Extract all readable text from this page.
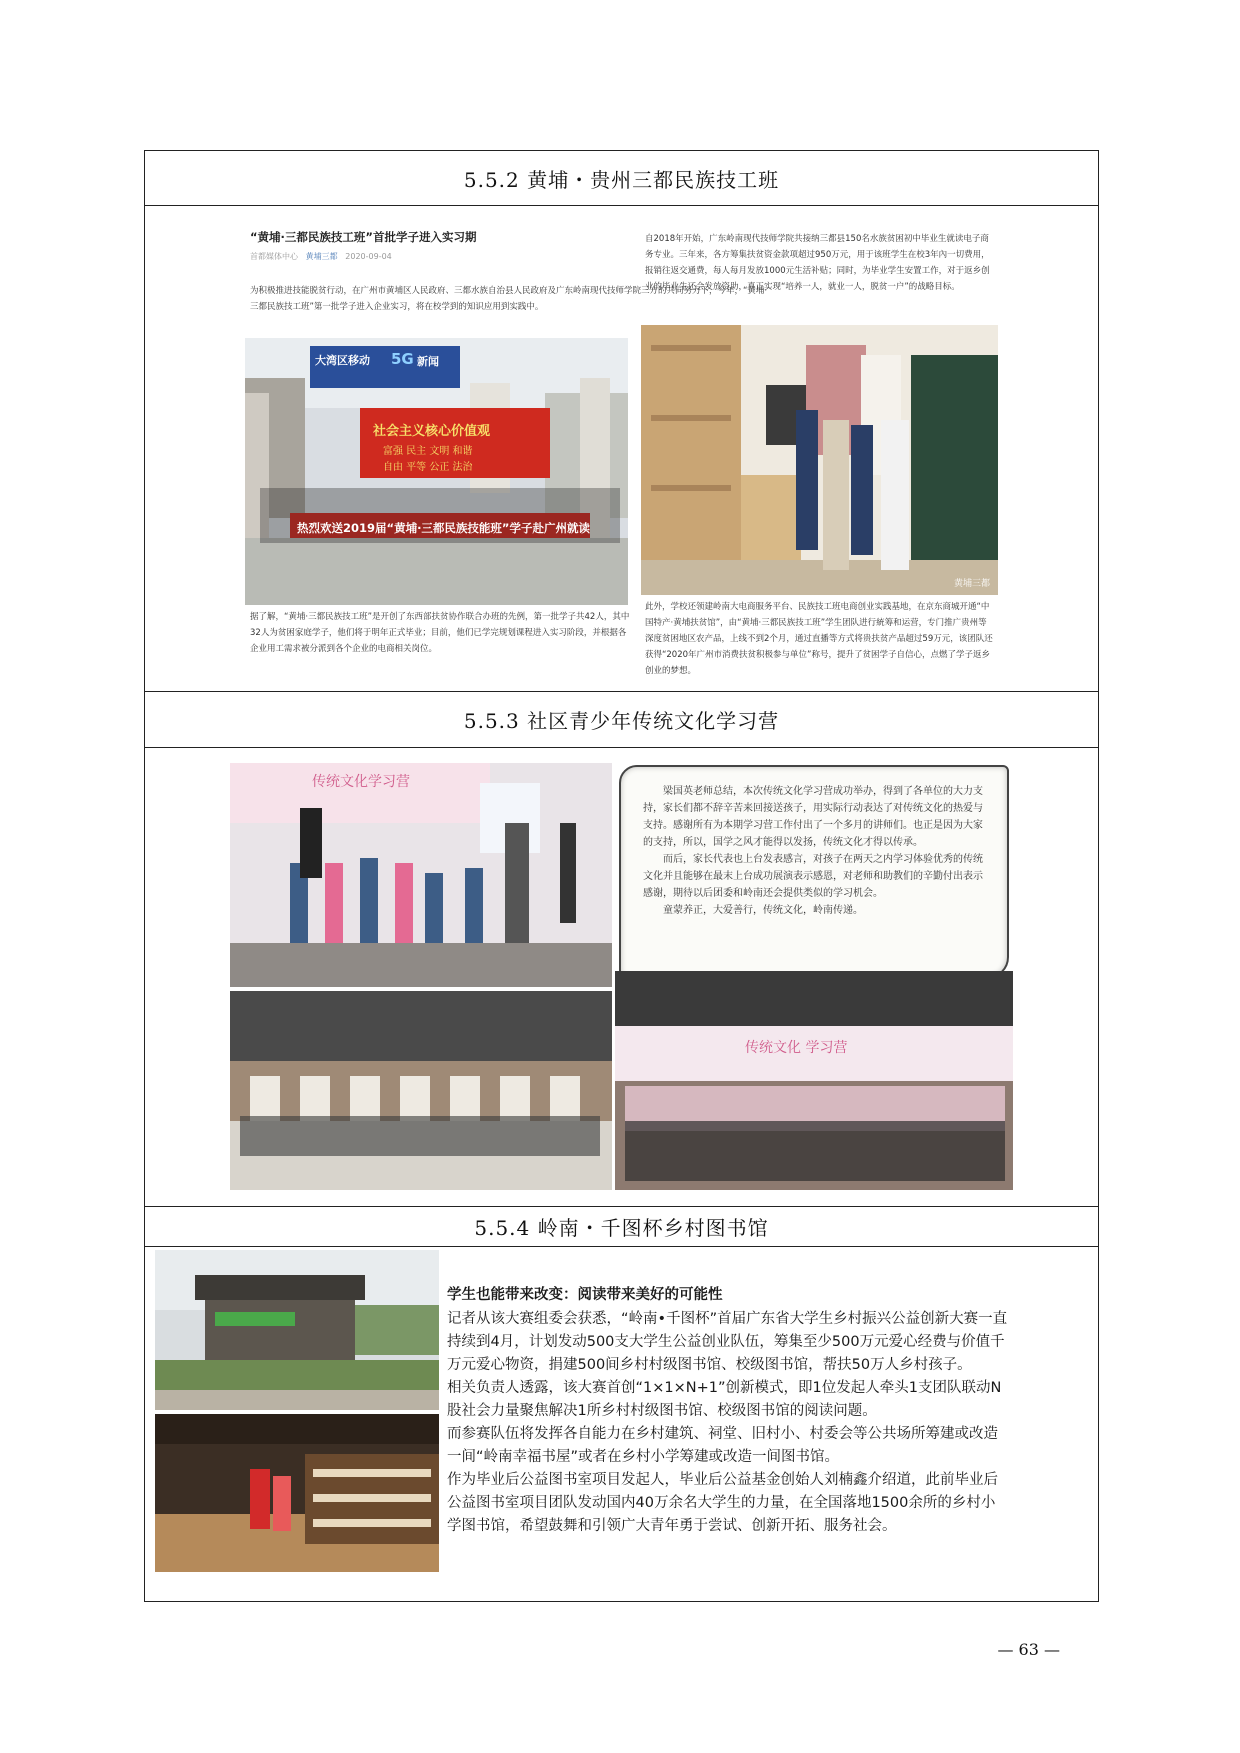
5.5.2 黄埔・贵州三都民族技工班
“黄埔·三都民族技工班”首批学子进入实习期
首都媒体中心 黄埔三都 2020-09-04
为积极推进技能脱贫行动，在广州市黄埔区人民政府、三都水族自治县人民政府及广东岭南现代技师学院三方的共同努力下，今年，“黄埔·三都民族技工班”第一批学子进入企业实习，将在校学到的知识应用到实践中。
大湾区移动 5G 新闻
社会主义核心价值观
富强 民主 文明 和谐
自由 平等 公正 法治
热烈欢送2019届“黄埔·三都民族技能班”学子赴广州就读
据了解，“黄埔·三都民族技工班”是开创了东西部扶贫协作联合办班的先例，第一批学子共42人，其中32人为贫困家庭学子，他们将于明年正式毕业；目前，他们已学完规划课程进入实习阶段，并根据各企业用工需求被分派到各个企业的电商相关岗位。
自2018年开始，广东岭南现代技师学院共接纳三都县150名水族贫困初中毕业生就读电子商务专业。三年来，各方筹集扶贫资金款项超过950万元，用于该班学生在校3年內一切费用，报销往返交通费，每人每月发放1000元生活补贴；同时，为毕业学生安置工作，对于返乡创业的毕业生还会发放资助，真正实现“培养一人，就业一人，脱贫一户”的战略目标。
黄埔三都
此外，学校还领建岭南大电商服务平台、民族技工班电商创业实践基地，在京东商城开通“中国特产·黄埔扶贫馆”，由“黄埔·三都民族技工班”学生团队进行統筹和运营，专门推广贵州等深度贫困地区农产品，上线不到2个月，通过直播等方式将贵扶贫产品超过59万元，该团队还获得“2020年广州市消费扶贫积极参与单位”称号，提升了贫困学子自信心，点燃了学子返乡创业的梦想。
5.5.3 社区青少年传统文化学习营
传统文化学习营

梁国英老师总结，本次传统文化学习营成功举办，得到了各单位的大力支持，家长们都不辞辛苦来回接送孩子，用实际行动表达了对传统文化的热爱与支持。感谢所有为本期学习营工作付出了一个多月的讲师们。也正是因为大家的支持，所以，国学之风才能得以发扬，传统文化才得以传承。

而后，家长代表也上台发表感言，对孩子在两天之内学习体验优秀的传统文化并且能够在最末上台成功展演表示感恩，对老师和助教们的辛勤付出表示感谢，期待以后团委和岭南还会提供类似的学习机会。

童蒙养正，大爱善行，传统文化，岭南传递。

传统文化 学习营
5.5.4 岭南・千图杯乡村图书馆

学生也能带来改变：阅读带来美好的可能性

记者从该大赛组委会获悉，“岭南•千图杯”首届广东省大学生乡村振兴公益创新大赛一直

持续到4月，计划发动500支大学生公益创业队伍，筹集至少500万元爱心经费与价值千

万元爱心物资，捐建500间乡村村级图书馆、校级图书馆，帮扶50万人乡村孩子。

相关负责人透露，该大赛首创“1×1×N+1”创新模式，即1位发起人牵头1支团队联动N

股社会力量聚焦解决1所乡村村级图书馆、校级图书馆的阅读问题。

而参赛队伍将发挥各自能力在乡村建筑、祠堂、旧村小、村委会等公共场所筹建或改造

一间“岭南幸福书屋”或者在乡村小学筹建或改造一间图书馆。

作为毕业后公益图书室项目发起人，毕业后公益基金创始人刘楠鑫介绍道，此前毕业后

公益图书室项目团队发动国内40万余名大学生的力量，在全国落地1500余所的乡村小

学图书馆，希望鼓舞和引领广大青年勇于尝试、创新开拓、服务社会。

— 63 —
